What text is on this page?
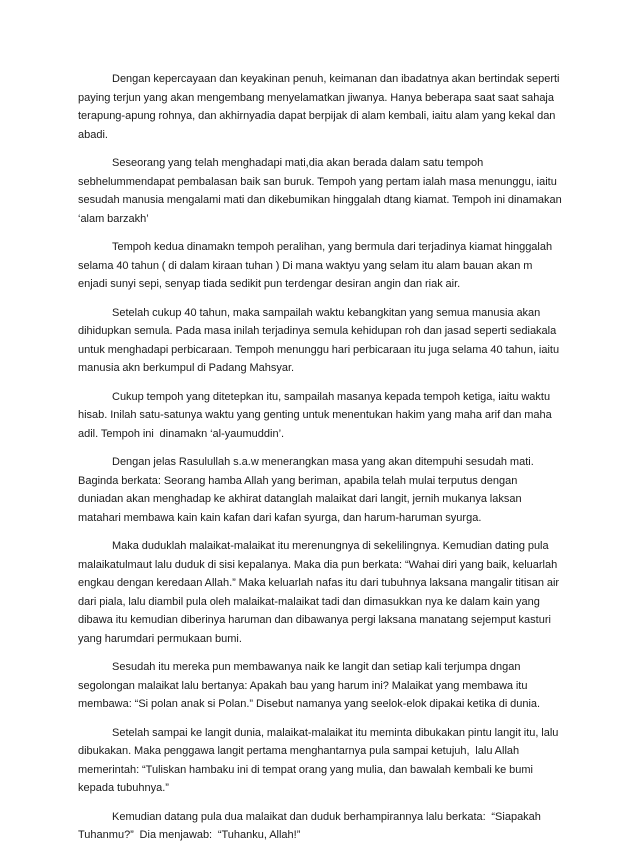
Dengan kepercayaan dan keyakinan penuh, keimanan dan ibadatnya akan bertindak seperti paying terjun yang akan mengembang menyelamatkan jiwanya. Hanya beberapa saat saat sahaja terapung-apung rohnya, dan akhirnyadia dapat berpijak di alam kembali, iaitu alam yang kekal dan abadi.

Seseorang yang telah menghadapi mati,dia akan berada dalam satu tempoh sebhelummendapat pembalasan baik san buruk. Tempoh yang pertam ialah masa menunggu, iaitu sesudah manusia mengalami mati dan dikebumikan hinggalah dtang kiamat. Tempoh ini dinamakan ‘alam barzakh’

Tempoh kedua dinamakn tempoh peralihan, yang bermula dari terjadinya kiamat hinggalah selama 40 tahun ( di dalam kiraan tuhan ) Di mana waktyu yang selam itu alam bauan akan m enjadi sunyi sepi, senyap tiada sedikit pun terdengar desiran angin dan riak air.

Setelah cukup 40 tahun, maka sampailah waktu kebangkitan yang semua manusia akan dihidupkan semula. Pada masa inilah terjadinya semula kehidupan roh dan jasad seperti sediakala untuk menghadapi perbicaraan. Tempoh menunggu hari perbicaraan itu juga selama 40 tahun, iaitu manusia akn berkumpul di Padang Mahsyar.

Cukup tempoh yang ditetepkan itu, sampailah masanya kepada tempoh ketiga, iaitu waktu hisab. Inilah satu-satunya waktu yang genting untuk menentukan hakim yang maha arif dan maha adil. Tempoh ini  dinamakn ‘al-yaumuddin’.

Dengan jelas Rasulullah s.a.w menerangkan masa yang akan ditempuhi sesudah mati. Baginda berkata: Seorang hamba Allah yang beriman, apabila telah mulai terputus dengan duniadan akan menghadap ke akhirat datanglah malaikat dari langit, jernih mukanya laksan matahari membawa kain kain kafan dari kafan syurga, dan harum-haruman syurga.

Maka duduklah malaikat-malaikat itu merenungnya di sekelilingnya. Kemudian dating pula malaikatulmaut lalu duduk di sisi kepalanya. Maka dia pun berkata: “Wahai diri yang baik, keluarlah engkau dengan keredaan Allah.” Maka keluarlah nafas itu dari tubuhnya laksana mangalir titisan air dari piala, lalu diambil pula oleh malaikat-malaikat tadi dan dimasukkan nya ke dalam kain yang dibawa itu kemudian diberinya haruman dan dibawanya pergi laksana manatang sejemput kasturi yang harumdari permukaan bumi.

Sesudah itu mereka pun membawanya naik ke langit dan setiap kali terjumpa dngan segolongan malaikat lalu bertanya: Apakah bau yang harum ini? Malaikat yang membawa itu membawa: “Si polan anak si Polan.” Disebut namanya yang seelok-elok dipakai ketika di dunia.

Setelah sampai ke langit dunia, malaikat-malaikat itu meminta dibukakan pintu langit itu, lalu dibukakan. Maka penggawa langit pertama menghantarnya pula sampai ketujuh,  lalu Allah memerintah: “Tuliskan hambaku ini di tempat orang yang mulia, dan bawalah kembali ke bumi kepada tubuhnya.”

Kemudian datang pula dua malaikat dan duduk berhampirannya lalu berkata:  “Siapakah Tuhanmu?”  Dia menjawab:  “Tuhanku, Allah!”
